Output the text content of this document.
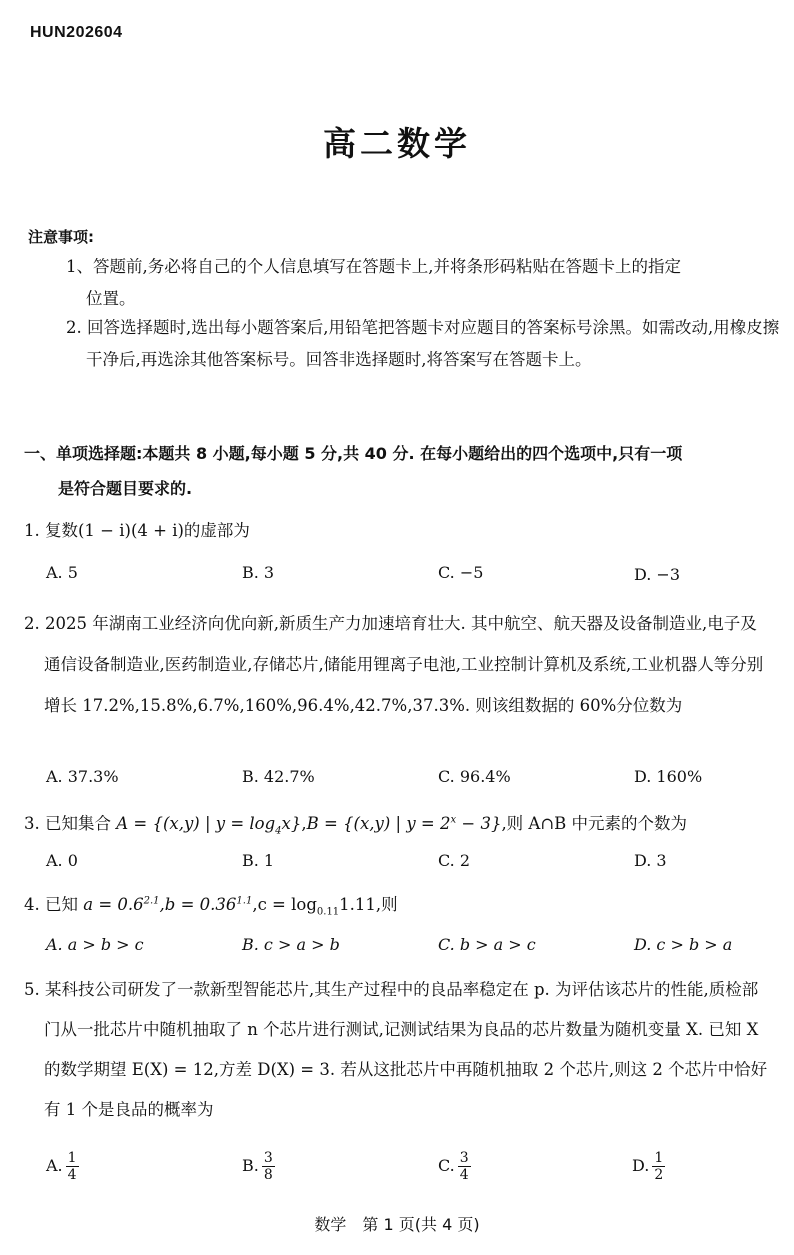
HUN202604
高二数学
注意事项:
1、答题前,务必将自己的个人信息填写在答题卡上,并将条形码粘贴在答题卡上的指定
位置。
2. 回答选择题时,选出每小题答案后,用铅笔把答题卡对应题目的答案标号涂黑。如需改动,用橡皮擦干净后,再选涂其他答案标号。回答非选择题时,将答案写在答题卡上。
一、单项选择题:本题共 8 小题,每小题 5 分,共 40 分. 在每小题给出的四个选项中,只有一项
是符合题目要求的.
1. 复数(1 − i)(4 + i)的虚部为
A. 5	B. 3	C. −5	D. −3
2. 2025 年湖南工业经济向优向新,新质生产力加速培育壮大. 其中航空、航天器及设备制造业,电子及通信设备制造业,医药制造业,存储芯片,储能用锂离子电池,工业控制计算机及系统,工业机器人等分别增长 17.2%,15.8%,6.7%,160%,96.4%,42.7%,37.3%. 则该组数据的 60%分位数为
A. 37.3%	B. 42.7%	C. 96.4%	D. 160%
3. 已知集合 A = {(x,y) | $y = \log_4x\},B = \{(x,y)$ | $y = 2^x - 3$},则 A∩B 中元素的个数为
A. 0	B. 1	C. 2	D. 3
4. 已知 $a = 0.6^{2.1},b = 0.36^{1.1},c = \log_{0.11}1.11$,则
A. a > b > c	B. c > a > b	C. b > a > c	D. c > b > a
5. 某科技公司研发了一款新型智能芯片,其生产过程中的良品率稳定在 p. 为评估该芯片的性能,质检部门从一批芯片中随机抽取了 n 个芯片进行测试,记测试结果为良品的芯片数量为随机变量 X. 已知 X 的数学期望 E(X) = 12,方差 D(X) = 3. 若从这批芯片中再随机抽取 2 个芯片,则这 2 个芯片中恰好有 1 个是良品的概率为
A. $\frac{1}{4}$	B. $\frac{3}{8}$	C. $\frac{3}{4}$	D. $\frac{1}{2}$
数学　第 1 页(共 4 页)
